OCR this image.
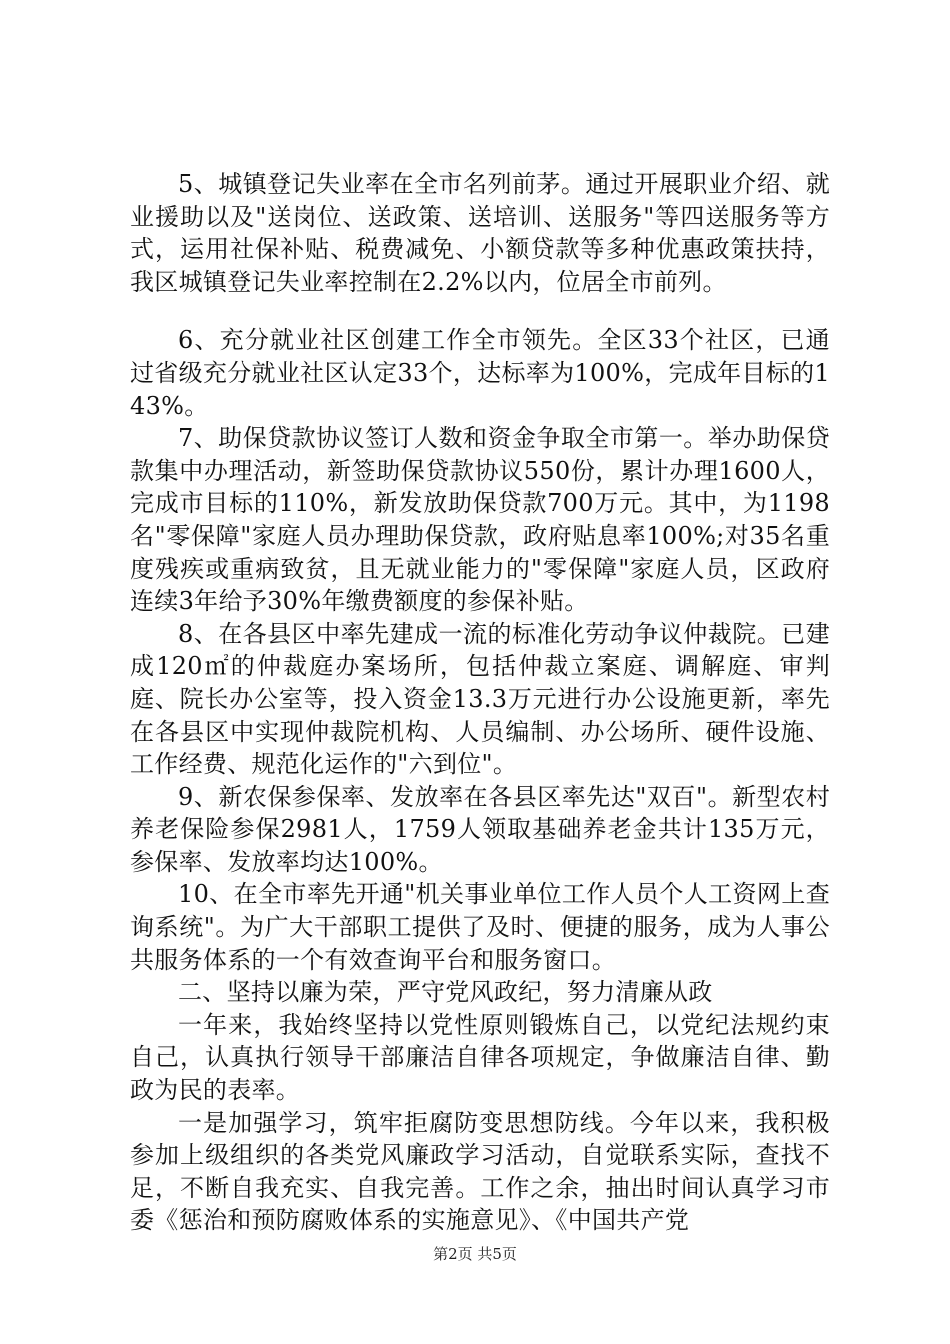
5、城镇登记失业率在全市名列前茅。通过开展职业介绍、就业援助以及"送岗位、送政策、送培训、送服务"等四送服务等方式，运用社保补贴、税费减免、小额贷款等多种优惠政策扶持，我区城镇登记失业率控制在2.2%以内，位居全市前列。

6、充分就业社区创建工作全市领先。全区33个社区，已通过省级充分就业社区认定33个，达标率为100%，完成年目标的143%。

7、助保贷款协议签订人数和资金争取全市第一。举办助保贷款集中办理活动，新签助保贷款协议550份，累计办理1600人，完成市目标的110%，新发放助保贷款700万元。其中，为1198名"零保障"家庭人员办理助保贷款，政府贴息率100%;对35名重度残疾或重病致贫，且无就业能力的"零保障"家庭人员，区政府连续3年给予30%年缴费额度的参保补贴。

8、在各县区中率先建成一流的标准化劳动争议仲裁院。已建成120㎡的仲裁庭办案场所，包括仲裁立案庭、调解庭、审判庭、院长办公室等，投入资金13.3万元进行办公设施更新，率先在各县区中实现仲裁院机构、人员编制、办公场所、硬件设施、工作经费、规范化运作的"六到位"。

9、新农保参保率、发放率在各县区率先达"双百"。新型农村养老保险参保2981人，1759人领取基础养老金共计135万元，参保率、发放率均达100%。

10、在全市率先开通"机关事业单位工作人员个人工资网上查询系统"。为广大干部职工提供了及时、便捷的服务，成为人事公共服务体系的一个有效查询平台和服务窗口。

二、坚持以廉为荣，严守党风政纪，努力清廉从政

一年来，我始终坚持以党性原则锻炼自己，以党纪法规约束自己，认真执行领导干部廉洁自律各项规定，争做廉洁自律、勤政为民的表率。

一是加强学习，筑牢拒腐防变思想防线。今年以来，我积极参加上级组织的各类党风廉政学习活动，自觉联系实际，查找不足，不断自我充实、自我完善。工作之余，抽出时间认真学习市委《惩治和预防腐败体系的实施意见》、《中国共产党

第2页 共5页
